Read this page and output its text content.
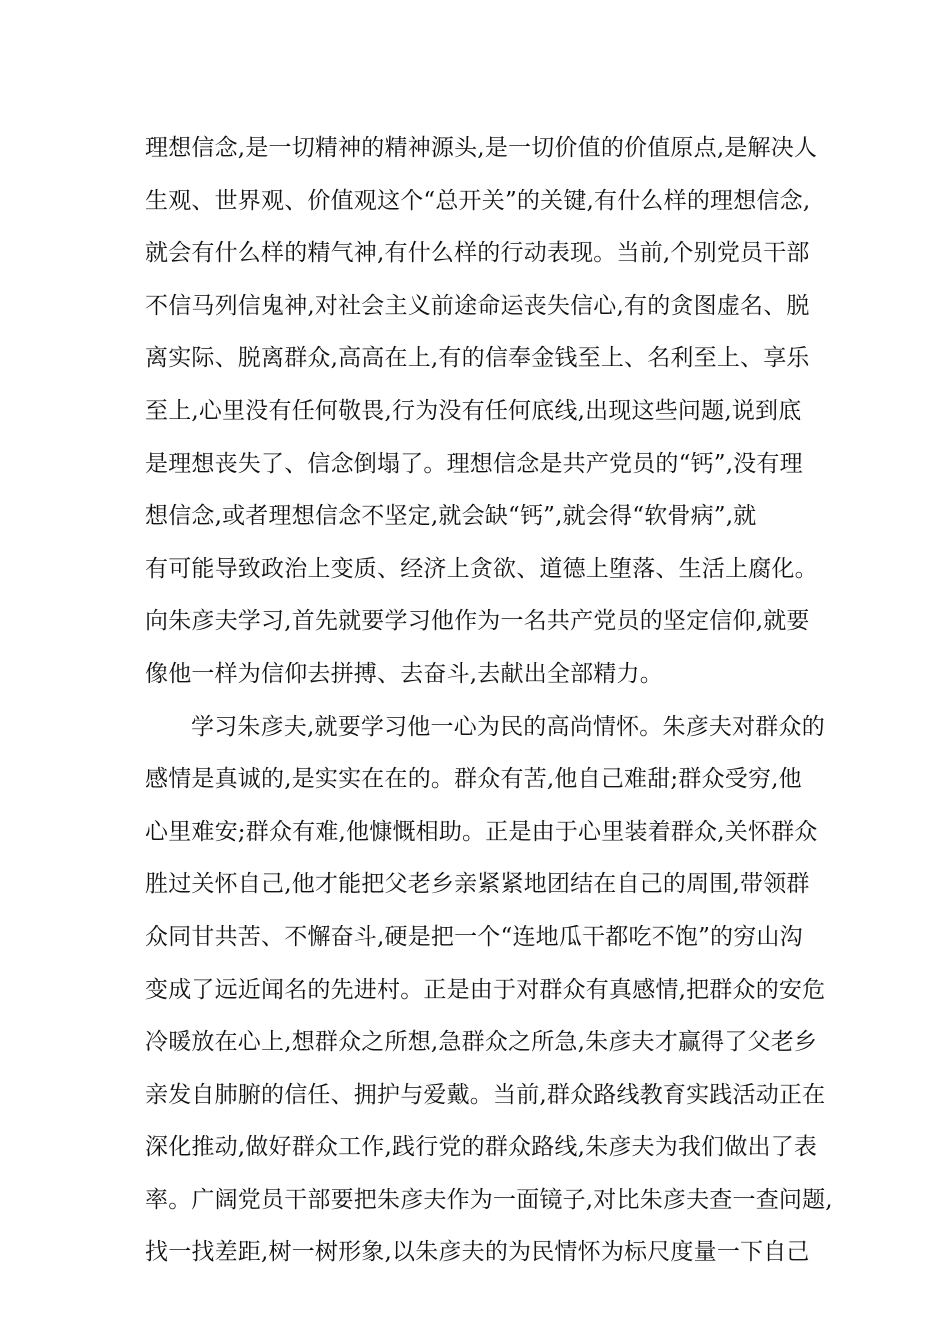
理想信念,是一切精神的精神源头,是一切价值的价值原点,是解决人
生观、世界观、价值观这个“总开关”的关键,有什么样的理想信念,
就会有什么样的精气神,有什么样的行动表现。当前,个别党员干部
不信马列信鬼神,对社会主义前途命运丧失信心,有的贪图虚名、脱
离实际、脱离群众,高高在上,有的信奉金钱至上、名利至上、享乐
至上,心里没有任何敬畏,行为没有任何底线,出现这些问题,说到底
是理想丧失了、信念倒塌了。理想信念是共产党员的“钙”,没有理
想信念,或者理想信念不坚定,就会缺“钙”,就会得“软骨病”,就
有可能导致政治上变质、经济上贪欲、道德上堕落、生活上腐化。
向朱彦夫学习,首先就要学习他作为一名共产党员的坚定信仰,就要
像他一样为信仰去拼搏、去奋斗,去献出全部精力。
学习朱彦夫,就要学习他一心为民的高尚情怀。朱彦夫对群众的
感情是真诚的,是实实在在的。群众有苦,他自己难甜;群众受穷,他
心里难安;群众有难,他慷慨相助。正是由于心里装着群众,关怀群众
胜过关怀自己,他才能把父老乡亲紧紧地团结在自己的周围,带领群
众同甘共苦、不懈奋斗,硬是把一个“连地瓜干都吃不饱”的穷山沟
变成了远近闻名的先进村。正是由于对群众有真感情,把群众的安危
冷暖放在心上,想群众之所想,急群众之所急,朱彦夫才赢得了父老乡
亲发自肺腑的信任、拥护与爱戴。当前,群众路线教育实践活动正在
深化推动,做好群众工作,践行党的群众路线,朱彦夫为我们做出了表
率。广阔党员干部要把朱彦夫作为一面镜子,对比朱彦夫查一查问题,
找一找差距,树一树形象,以朱彦夫的为民情怀为标尺度量一下自己
